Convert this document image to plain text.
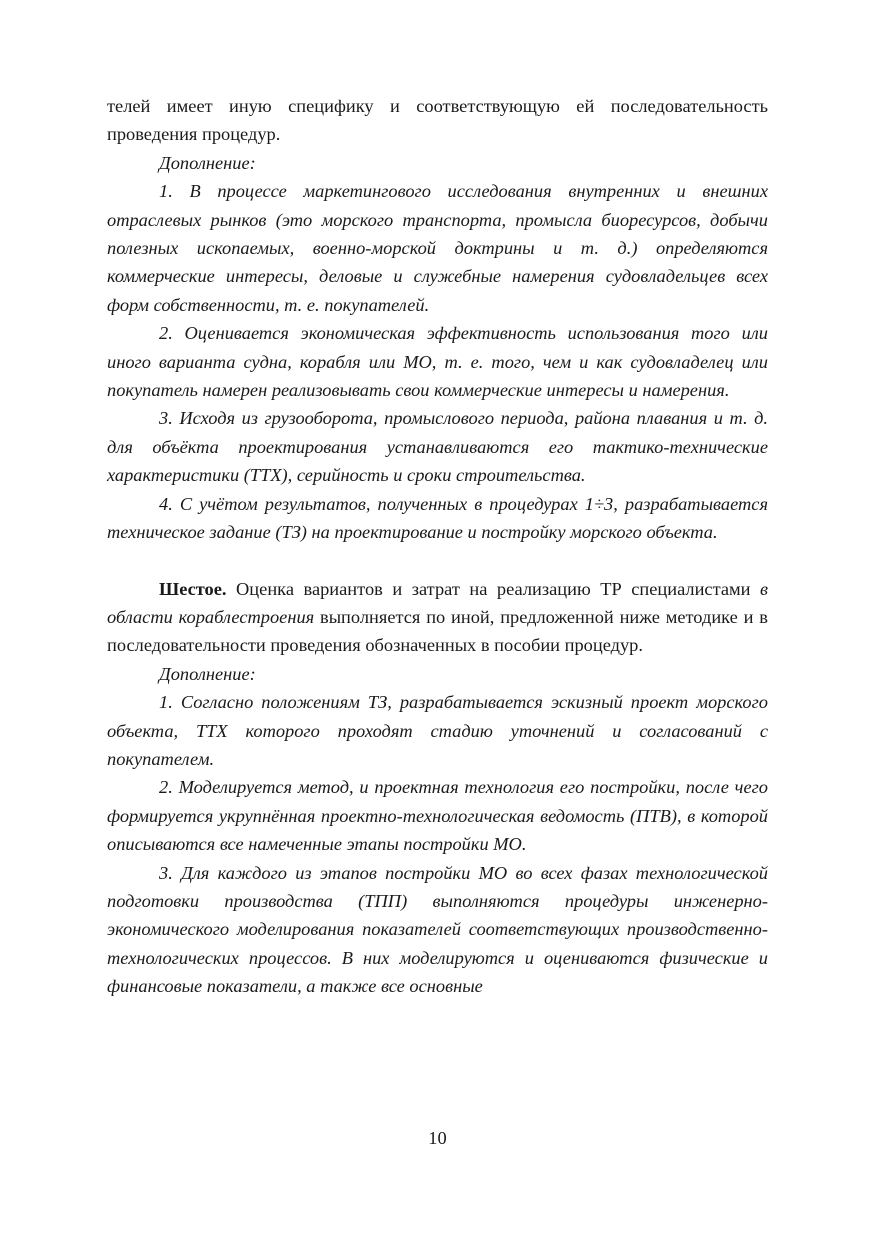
телей имеет иную специфику и соответствующую ей последовательность проведения процедур.

Дополнение:

1. В процессе маркетингового исследования внутренних и внешних отраслевых рынков (это морского транспорта, промысла биоресурсов, добычи полезных ископаемых, военно-морской доктрины и т. д.) определяются коммерческие интересы, деловые и служебные намерения судовладельцев всех форм собственности, т. е. покупателей.

2. Оценивается экономическая эффективность использования того или иного варианта судна, корабля или МО, т. е. того, чем и как судовладелец или покупатель намерен реализовывать свои коммерческие интересы и намерения.

3. Исходя из грузооборота, промыслового периода, района плавания и т. д. для объёкта проектирования устанавливаются его тактико-технические характеристики (ТТХ), серийность и сроки строительства.

4. С учётом результатов, полученных в процедурах 1÷3, разрабатывается техническое задание (ТЗ) на проектирование и постройку морского объекта.

Шестое. Оценка вариантов и затрат на реализацию ТР специалистами в области кораблестроения выполняется по иной, предложенной ниже методике и в последовательности проведения обозначенных в пособии процедур.

Дополнение:

1. Согласно положениям ТЗ, разрабатывается эскизный проект морского объекта, ТТХ которого проходят стадию уточнений и согласований с покупателем.

2. Моделируется метод, и проектная технология его постройки, после чего формируется укрупнённая проектно-технологическая ведомость (ПТВ), в которой описываются все намеченные этапы постройки МО.

3. Для каждого из этапов постройки МО во всех фазах технологической подготовки производства (ТПП) выполняются процедуры инженерно-экономического моделирования показателей соответствующих производственно-технологических процессов. В них моделируются и оцениваются физические и финансовые показатели, а также все основные

10
